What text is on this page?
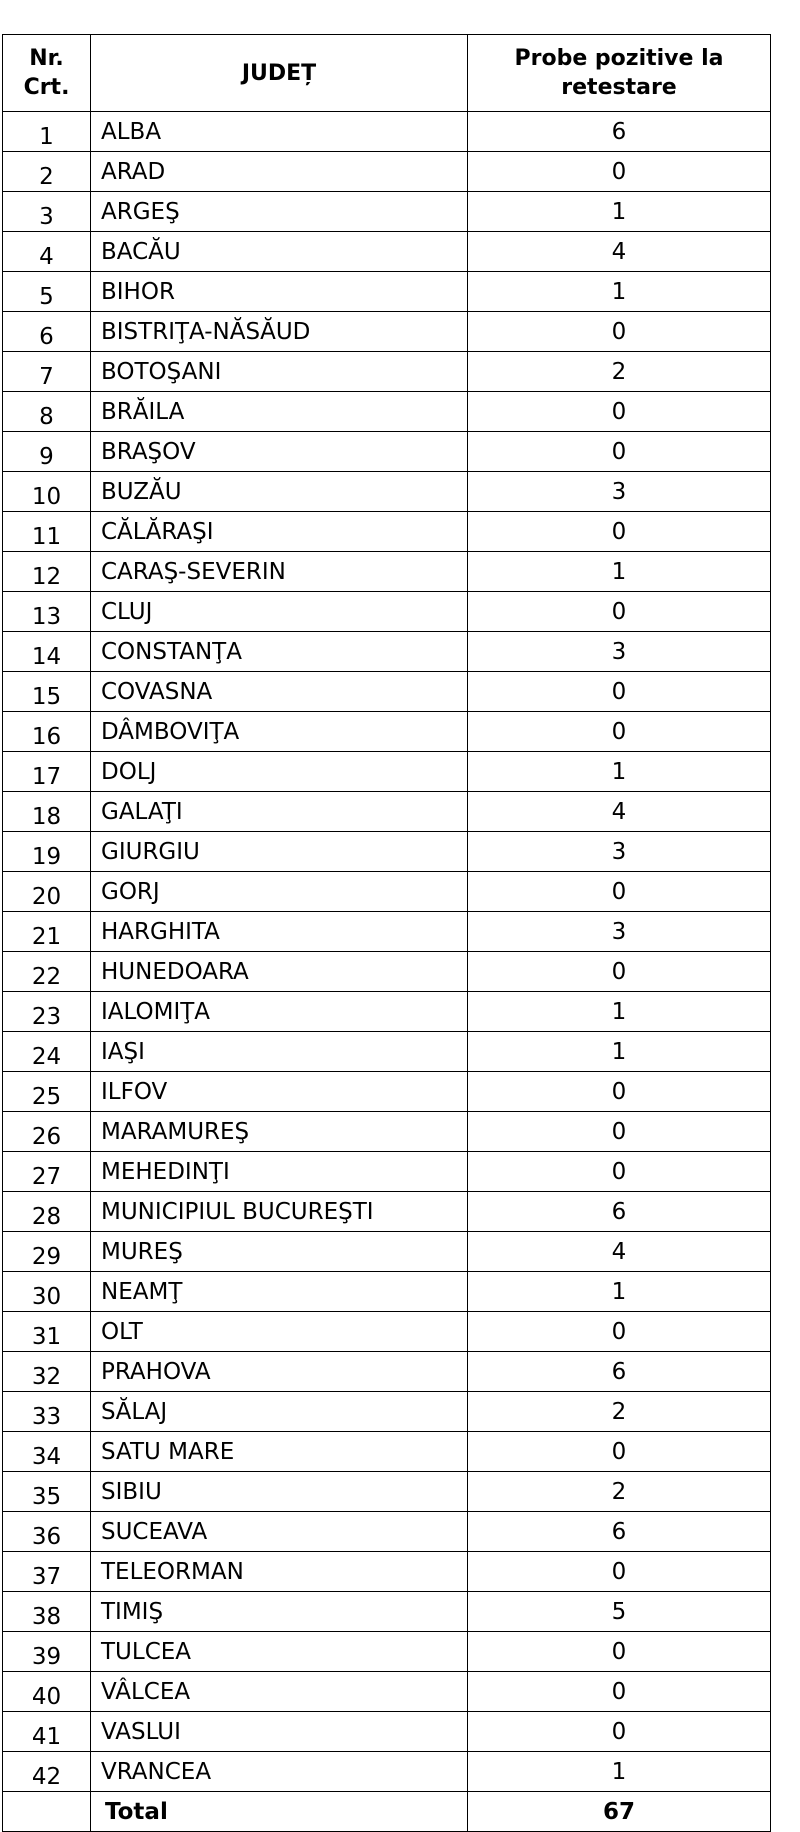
Nr. Crt.	JUDEȚ	Probe pozitive la retestare
1	ALBA	6
2	ARAD	0
3	ARGEŞ	1
4	BACĂU	4
5	BIHOR	1
6	BISTRIŢA-NĂSĂUD	0
7	BOTOŞANI	2
8	BRĂILA	0
9	BRAŞOV	0
10	BUZĂU	3
11	CĂLĂRAŞI	0
12	CARAŞ-SEVERIN	1
13	CLUJ	0
14	CONSTANŢA	3
15	COVASNA	0
16	DÂMBOVIŢA	0
17	DOLJ	1
18	GALAŢI	4
19	GIURGIU	3
20	GORJ	0
21	HARGHITA	3
22	HUNEDOARA	0
23	IALOMIŢA	1
24	IAŞI	1
25	ILFOV	0
26	MARAMUREŞ	0
27	MEHEDINŢI	0
28	MUNICIPIUL BUCUREŞTI	6
29	MUREŞ	4
30	NEAMŢ	1
31	OLT	0
32	PRAHOVA	6
33	SĂLAJ	2
34	SATU MARE	0
35	SIBIU	2
36	SUCEAVA	6
37	TELEORMAN	0
38	TIMIŞ	5
39	TULCEA	0
40	VÂLCEA	0
41	VASLUI	0
42	VRANCEA	1
	Total	67
